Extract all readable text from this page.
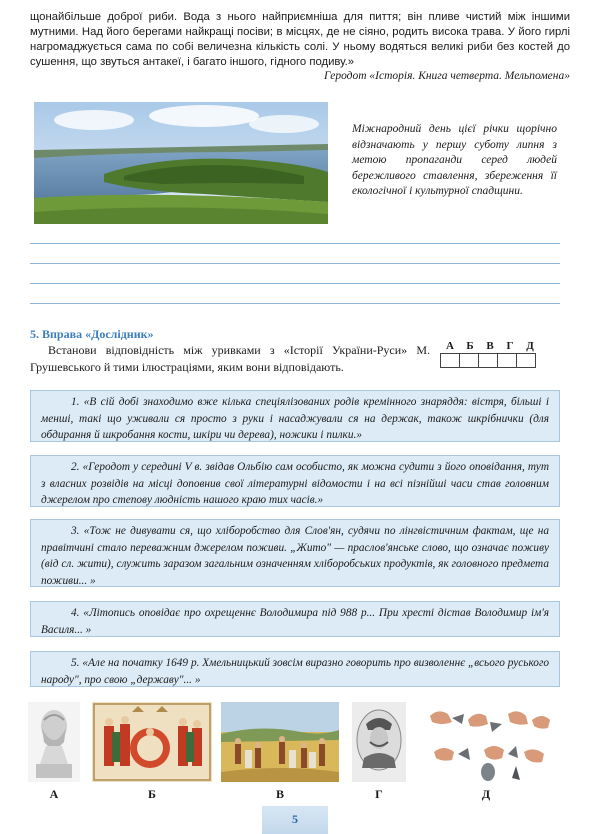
щонайбільше доброї риби. Вода з нього найприємніша для пиття; він пливе чистий між іншими мутними. Над його берегами найкращі посіви; в місцях, де не сіяно, родить висока трава. У його гирлі нагромаджується сама по собі величезна кількість солі. У ньому водяться великі риби без костей до сушення, що звуться антакеї, і багато іншого, гідного подиву.»
Геродот «Історія. Книга четверта. Мельпомена»
Міжнародний день цієї річки щорічно відзначають у першу суботу липня з метою пропаганди серед людей бережливого ставлення, збереження її екологічної і культурної спадщини.
5. Вправа «Дослідник»
Встанови відповідність між уривками з «Історії України-Руси» М. Грушевського й тими ілюстраціями, яким вони відповідають.
А	Б	В	Г	Д
1. «В сій добі знаходимо вже кілька спеціялізованих родів кремінного знаряддя: вістря, більші і менші, такі що уживали ся просто з руки і насаджували ся на держак, також шкрібнички (для обдирання й шкробання кости, шкіри чи дерева), ножики і пилки.»
2. «Геродот у середині V в. звідав Ольбію сам особисто, як можна судити з його оповідання, тут з власних розвідів на місці доповнив свої літературні відомости і на всі пізнійші часи став головним джерелом про степову людність нашого краю тих часів.»
3. «Тож не дивувати ся, що хліборобство для Слов'ян, судячи по лінгвістичним фактам, ще на правітчині стало переважним джерелом поживи. „Жито" — праслов'янське слово, що означає поживу (від сл. жити), служить заразом загальним означенням хліборобських продуктів, як головного предмета поживи... »
4. «Літопись оповідає про охрещеннє Володимира під 988 р... При хресті дістав Володимир ім'я Василя... »
5. «Але на початку 1649 р. Хмельницький зовсім виразно говорить про визволеннє „всього руського народу", про свою „державу"... »
А	Б	В	Г	Д
5
